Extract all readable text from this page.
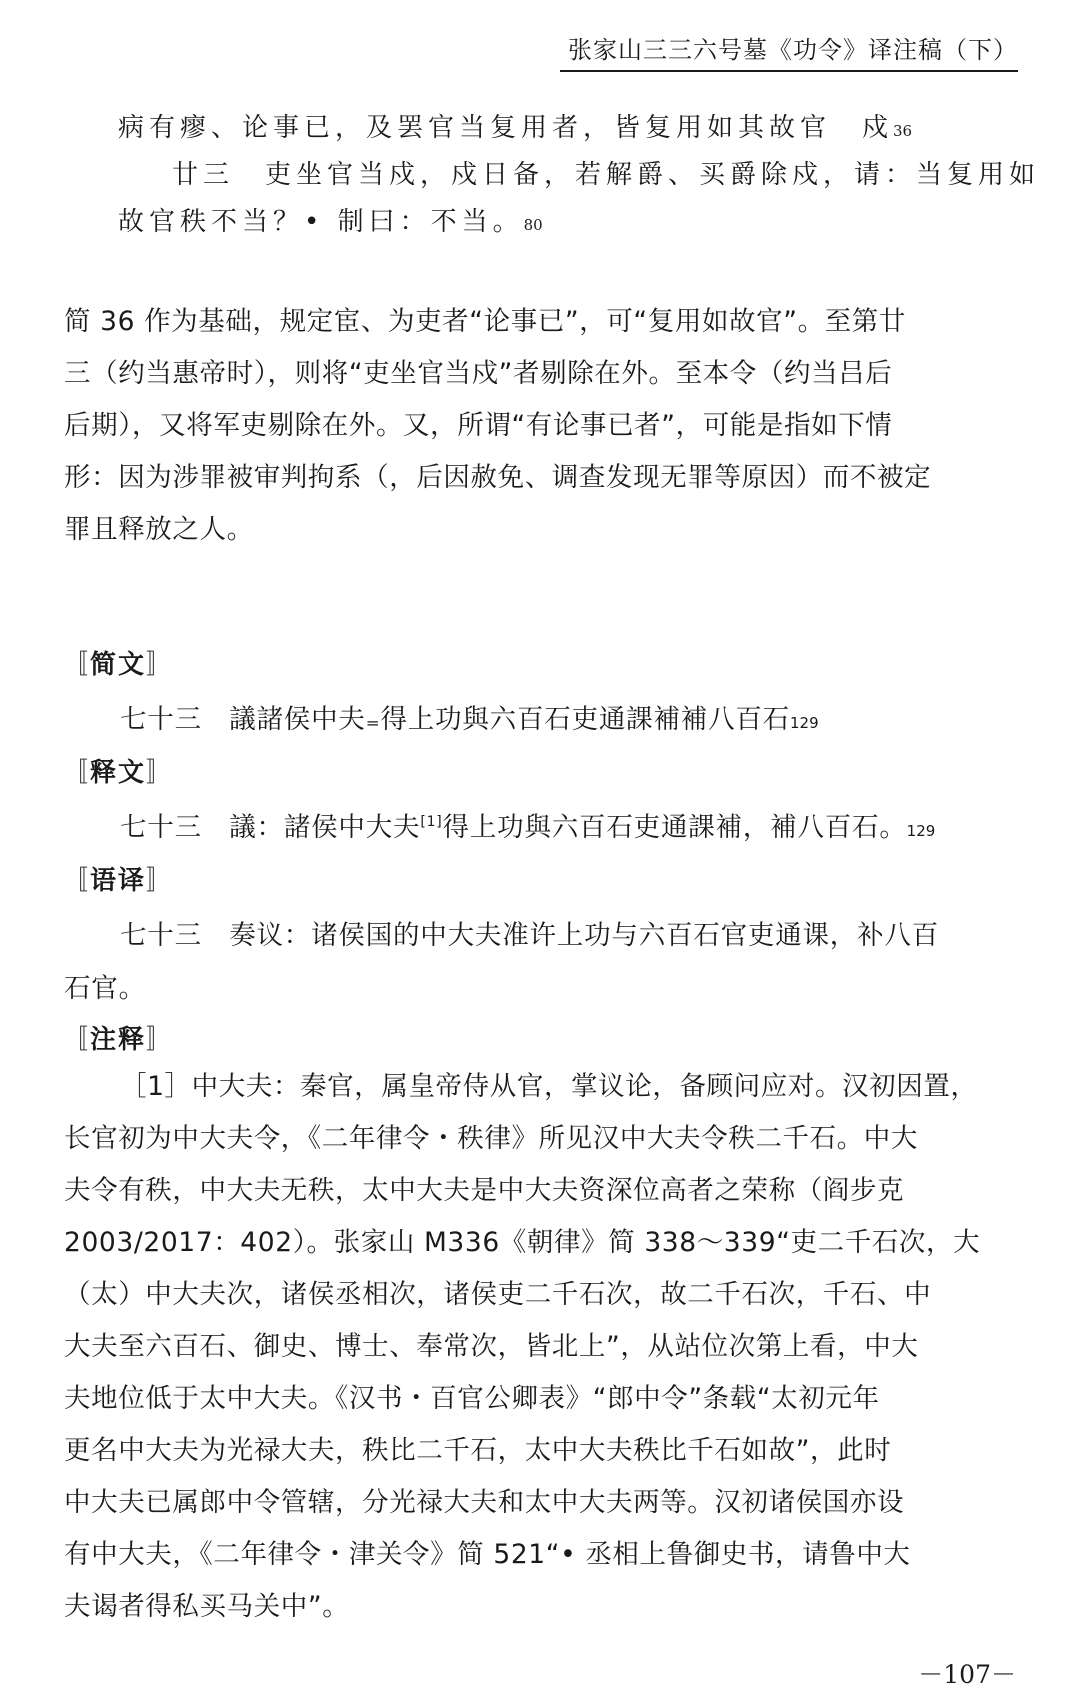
张家山三三六号墓《功令》译注稿（下）
病有瘳、论事已，及罢官当复用者，皆复用如其故官　戍36
廿三　吏坐官当戍，戍日备，若解爵、买爵除戍，请：当复用如
故官秩不当？• 制曰：不当。80

简 36 作为基础，规定宦、为吏者“论事已”，可“复用如故官”。至第廿
三（约当惠帝时），则将“吏坐官当戍”者剔除在外。至本令（约当吕后
后期），又将军吏剔除在外。又，所谓“有论事已者”，可能是指如下情
形：因为涉罪被审判拘系（，后因赦免、调查发现无罪等原因）而不被定
罪且释放之人。

〚简文〛
七十三　議諸侯中夫₌得上功與六百石吏通課補補八百石129
〚释文〛
七十三　議：諸侯中大夫[1]得上功與六百石吏通課補，補八百石。129
〚语译〛
七十三　奏议：诸侯国的中大夫准许上功与六百石官吏通课，补八百
石官。
〚注释〛

［1］中大夫：秦官，属皇帝侍从官，掌议论，备顾问应对。汉初因置，
长官初为中大夫令，《二年律令・秩律》所见汉中大夫令秩二千石。中大
夫令有秩，中大夫无秩，太中大夫是中大夫资深位高者之荣称（阎步克
2003/2017：402）。张家山 M336《朝律》简 338～339“吏二千石次，大
（太）中大夫次，诸侯丞相次，诸侯吏二千石次，故二千石次，千石、中
大夫至六百石、御史、博士、奉常次，皆北上”，从站位次第上看，中大
夫地位低于太中大夫。《汉书・百官公卿表》“郎中令”条载“太初元年
更名中大夫为光禄大夫，秩比二千石，太中大夫秩比千石如故”，此时
中大夫已属郎中令管辖，分光禄大夫和太中大夫两等。汉初诸侯国亦设
有中大夫，《二年律令・津关令》简 521“• 丞相上鲁御史书，请鲁中大
夫谒者得私买马关中”。

－107－
